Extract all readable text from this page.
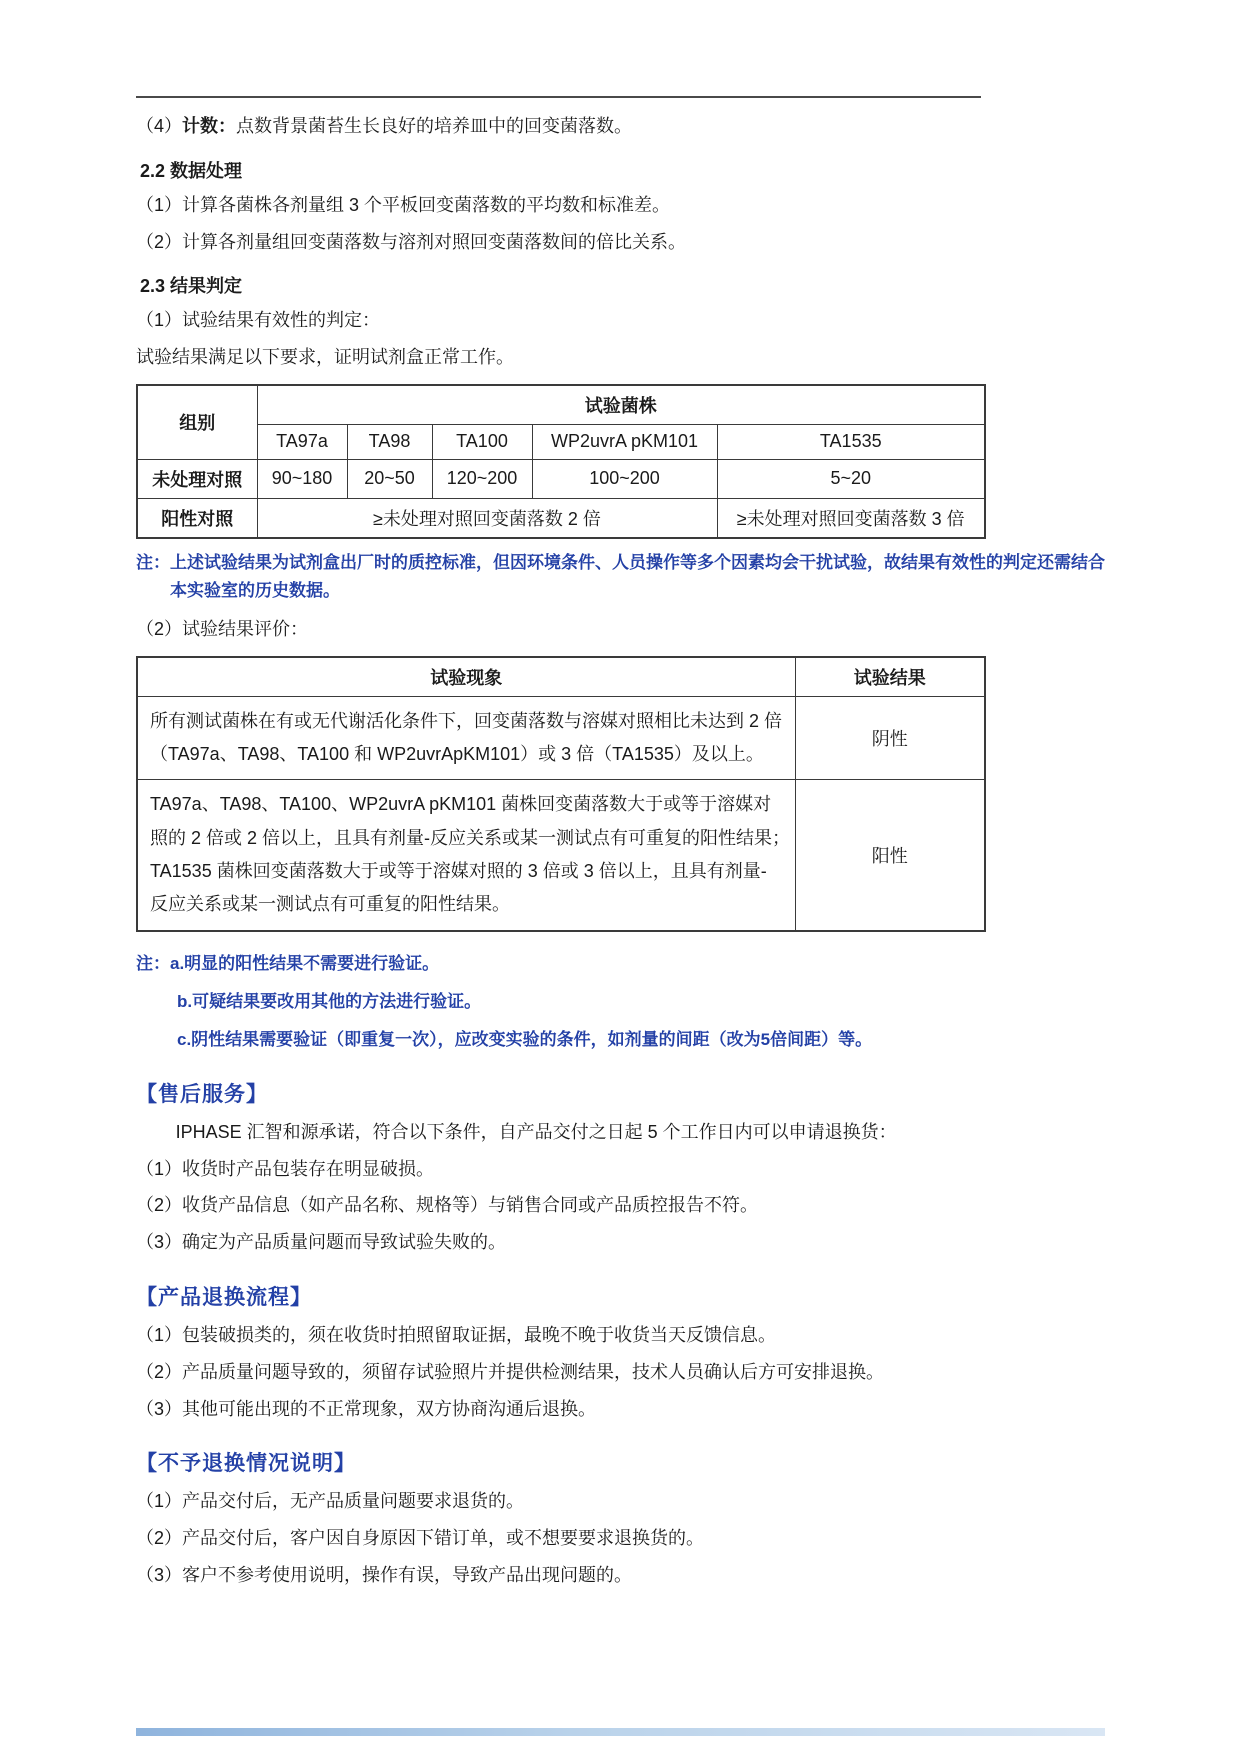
（4）计数：点数背景菌苔生长良好的培养皿中的回变菌落数。

2.2 数据处理

（1）计算各菌株各剂量组 3 个平板回变菌落数的平均数和标准差。

（2）计算各剂量组回变菌落数与溶剂对照回变菌落数间的倍比关系。

2.3 结果判定

（1）试验结果有效性的判定：

试验结果满足以下要求，证明试剂盒正常工作。

组别	试验菌株				
	TA97a	TA98	TA100	WP2uvrA pKM101	TA1535
未处理对照	90~180	20~50	120~200	100~200	5~20
阳性对照	≥未处理对照回变菌落数 2 倍				≥未处理对照回变菌落数 3 倍

注：上述试验结果为试剂盒出厂时的质控标准，但因环境条件、人员操作等多个因素均会干扰试验，故结果有效性的判定还需结合本实验室的历史数据。

（2）试验结果评价：

试验现象	试验结果
所有测试菌株在有或无代谢活化条件下，回变菌落数与溶媒对照相比未达到 2 倍（TA97a、TA98、TA100 和 WP2uvrApKM101）或 3 倍（TA1535）及以上。	阴性
TA97a、TA98、TA100、WP2uvrA pKM101 菌株回变菌落数大于或等于溶媒对照的 2 倍或 2 倍以上，且具有剂量-反应关系或某一测试点有可重复的阳性结果；　TA1535 菌株回变菌落数大于或等于溶媒对照的 3 倍或 3 倍以上，且具有剂量-反应关系或某一测试点有可重复的阳性结果。	阳性

注：a.明显的阳性结果不需要进行验证。

b.可疑结果要改用其他的方法进行验证。

c.阴性结果需要验证（即重复一次），应改变实验的条件，如剂量的间距（改为5倍间距）等。

【售后服务】

IPHASE 汇智和源承诺，符合以下条件，自产品交付之日起 5 个工作日内可以申请退换货：

（1）收货时产品包装存在明显破损。

（2）收货产品信息（如产品名称、规格等）与销售合同或产品质控报告不符。

（3）确定为产品质量问题而导致试验失败的。

【产品退换流程】

（1）包装破损类的，须在收货时拍照留取证据，最晚不晚于收货当天反馈信息。

（2）产品质量问题导致的，须留存试验照片并提供检测结果，技术人员确认后方可安排退换。

（3）其他可能出现的不正常现象，双方协商沟通后退换。

【不予退换情况说明】

（1）产品交付后，无产品质量问题要求退货的。

（2）产品交付后，客户因自身原因下错订单，或不想要要求退换货的。

（3）客户不参考使用说明，操作有误，导致产品出现问题的。
